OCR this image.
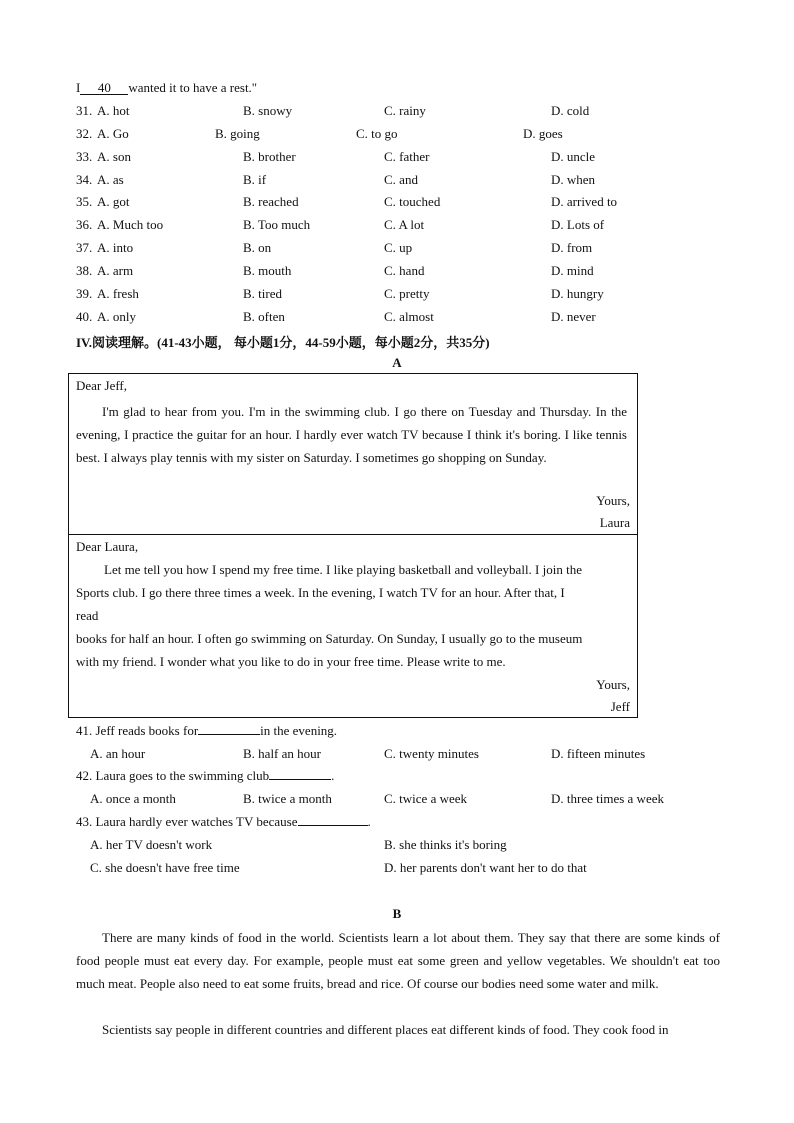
I 40 wanted it to have a rest."
31. A. hot	B. snowy	C. rainy	D. cold
32. A. Go	B. going	C. to go	D. goes
33. A. son	B. brother	C. father	D. uncle
34. A. as	B. if	C. and	D. when
35. A. got	B. reached	C. touched	D. arrived to
36. A. Much too	B. Too much	C. A lot	D. Lots of
37. A. into	B. on	C. up	D. from
38. A. arm	B. mouth	C. hand	D. mind
39. A. fresh	B. tired	C. pretty	D. hungry
40. A. only	B. often	C. almost	D. never
IV.阅读理解。(41-43小题， 每小题1分，44-59小题，每小题2分，共35分)
A
Dear Jeff,
I'm glad to hear from you. I'm in the swimming club. I go there on Tuesday and Thursday. In the evening, I practice the guitar for an hour. I hardly ever watch TV because I think it's boring. I like tennis best. I always play tennis with my sister on Saturday. I sometimes go shopping on Sunday.
Yours,
Laura
Dear Laura,
Let me tell you how I spend my free time. I like playing basketball and volleyball. I join the
Sports club. I go there three times a week. In the evening, I watch TV for an hour. After that, I
read
books for half an hour. I often go swimming on Saturday. On Sunday, I usually go to the museum
with my friend. I wonder what you like to do in your free time. Please write to me.
Yours,
Jeff
41. Jeff reads books for	in the evening.
A. an hour	B. half an hour	C. twenty minutes	D. fifteen minutes
42. Laura goes to the swimming club	.
A. once a month	B. twice a month	C. twice a week	D. three times a week
43. Laura hardly ever watches TV because	.
A. her TV doesn't work	B. she thinks it's boring
C. she doesn't have free time	D. her parents don't want her to do that
B
There are many kinds of food in the world. Scientists learn a lot about them. They say that there are some kinds of food people must eat every day. For example, people must eat some green and yellow vegetables. We shouldn't eat too much meat. People also need to eat some fruits, bread and rice. Of course our bodies need some water and milk.
Scientists say people in different countries and different places eat different kinds of food. They cook food in
